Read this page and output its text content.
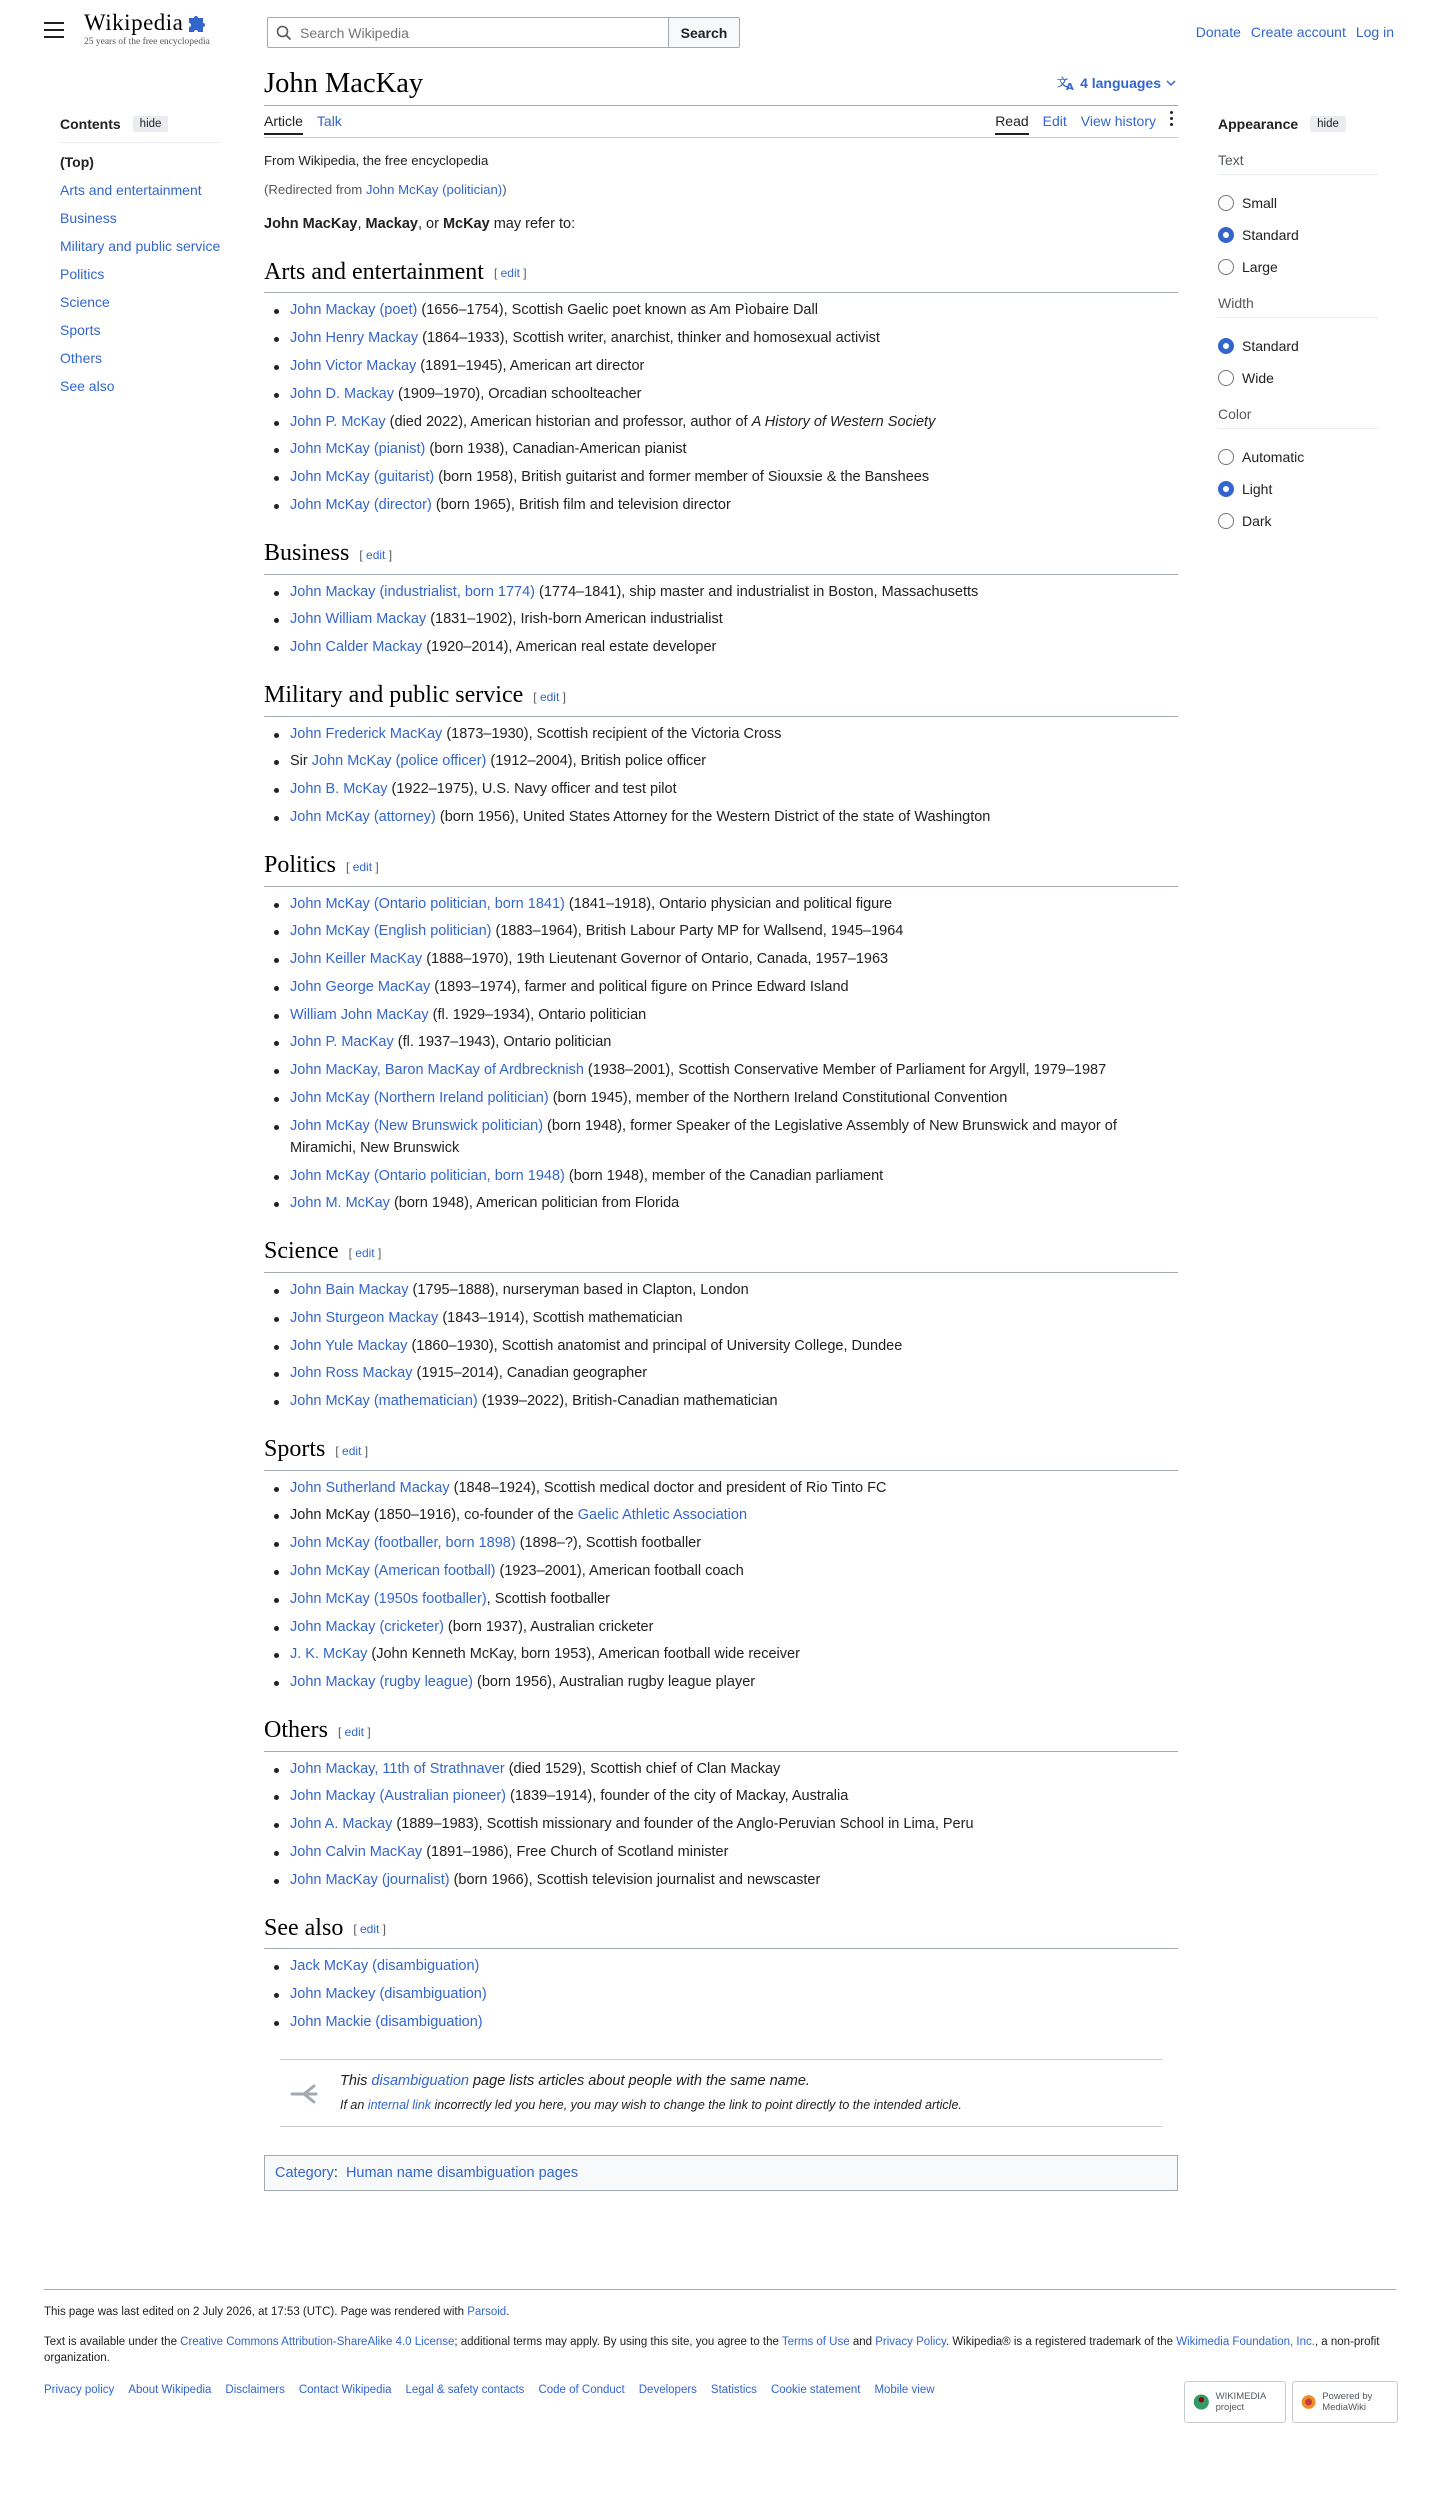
Wikipedia
25 years of the free encyclopedia
Search Wikipedia
Search	Donate Create account Log in
John MacKay	文
A 4 languages
Article Talk	Read Edit View history
Contents	hide
(Top)
Arts and entertainment
Business
Military and public service
Politics
Science
Sports
Others
See also
Appearance	hide
Text
Small
Standard
Large
Width
Standard
Wide
Color
Automatic
Light
Dark

From Wikipedia, the free encyclopedia

(Redirected from John McKay (politician))

John MacKay, Mackay, or McKay may refer to:

Arts and entertainment [ edit ]
John Mackay (poet) (1656–1754), Scottish Gaelic poet known as Am Pìobaire Dall
John Henry Mackay (1864–1933), Scottish writer, anarchist, thinker and homosexual activist
John Victor Mackay (1891–1945), American art director
John D. Mackay (1909–1970), Orcadian schoolteacher
John P. McKay (died 2022), American historian and professor, author of A History of Western Society
John McKay (pianist) (born 1938), Canadian-American pianist
John McKay (guitarist) (born 1958), British guitarist and former member of Siouxsie & the Banshees
John McKay (director) (born 1965), British film and television director
Business [ edit ]
John Mackay (industrialist, born 1774) (1774–1841), ship master and industrialist in Boston, Massachusetts
John William Mackay (1831–1902), Irish-born American industrialist
John Calder Mackay (1920–2014), American real estate developer
Military and public service [ edit ]
John Frederick MacKay (1873–1930), Scottish recipient of the Victoria Cross
Sir John McKay (police officer) (1912–2004), British police officer
John B. McKay (1922–1975), U.S. Navy officer and test pilot
John McKay (attorney) (born 1956), United States Attorney for the Western District of the state of Washington
Politics [ edit ]
John McKay (Ontario politician, born 1841) (1841–1918), Ontario physician and political figure
John McKay (English politician) (1883–1964), British Labour Party MP for Wallsend, 1945–1964
John Keiller MacKay (1888–1970), 19th Lieutenant Governor of Ontario, Canada, 1957–1963
John George MacKay (1893–1974), farmer and political figure on Prince Edward Island
William John MacKay (fl. 1929–1934), Ontario politician
John P. MacKay (fl. 1937–1943), Ontario politician
John MacKay, Baron MacKay of Ardbrecknish (1938–2001), Scottish Conservative Member of Parliament for Argyll, 1979–1987
John McKay (Northern Ireland politician) (born 1945), member of the Northern Ireland Constitutional Convention
John McKay (New Brunswick politician) (born 1948), former Speaker of the Legislative Assembly of New Brunswick and mayor of Miramichi, New Brunswick
John McKay (Ontario politician, born 1948) (born 1948), member of the Canadian parliament
John M. McKay (born 1948), American politician from Florida
Science [ edit ]
John Bain Mackay (1795–1888), nurseryman based in Clapton, London
John Sturgeon Mackay (1843–1914), Scottish mathematician
John Yule Mackay (1860–1930), Scottish anatomist and principal of University College, Dundee
John Ross Mackay (1915–2014), Canadian geographer
John McKay (mathematician) (1939–2022), British-Canadian mathematician
Sports [ edit ]
John Sutherland Mackay (1848–1924), Scottish medical doctor and president of Rio Tinto FC
John McKay (1850–1916), co-founder of the Gaelic Athletic Association
John McKay (footballer, born 1898) (1898–?), Scottish footballer
John McKay (American football) (1923–2001), American football coach
John McKay (1950s footballer), Scottish footballer
John Mackay (cricketer) (born 1937), Australian cricketer
J. K. McKay (John Kenneth McKay, born 1953), American football wide receiver
John Mackay (rugby league) (born 1956), Australian rugby league player
Others [ edit ]
John Mackay, 11th of Strathnaver (died 1529), Scottish chief of Clan Mackay
John Mackay (Australian pioneer) (1839–1914), founder of the city of Mackay, Australia
John A. Mackay (1889–1983), Scottish missionary and founder of the Anglo-Peruvian School in Lima, Peru
John Calvin MacKay (1891–1986), Free Church of Scotland minister
John MacKay (journalist) (born 1966), Scottish television journalist and newscaster
See also [ edit ]
Jack McKay (disambiguation)
John Mackey (disambiguation)
John Mackie (disambiguation)
This disambiguation page lists articles about people with the same name.
If an internal link incorrectly led you here, you may wish to change the link to point directly to the intended article.
Category:  Human name disambiguation pages
This page was last edited on 2 July 2026, at 17:53 (UTC). Page was rendered with Parsoid.
Text is available under the Creative Commons Attribution-ShareAlike 4.0 License; additional terms may apply. By using this site, you agree to the Terms of Use and Privacy Policy. Wikipedia® is a registered trademark of the Wikimedia Foundation, Inc., a non-profit organization.
Privacy policy About Wikipedia Disclaimers Contact Wikipedia Legal & safety contacts Code of Conduct Developers Statistics Cookie statement Mobile view
WIKIMEDIA project
Powered by MediaWiki
